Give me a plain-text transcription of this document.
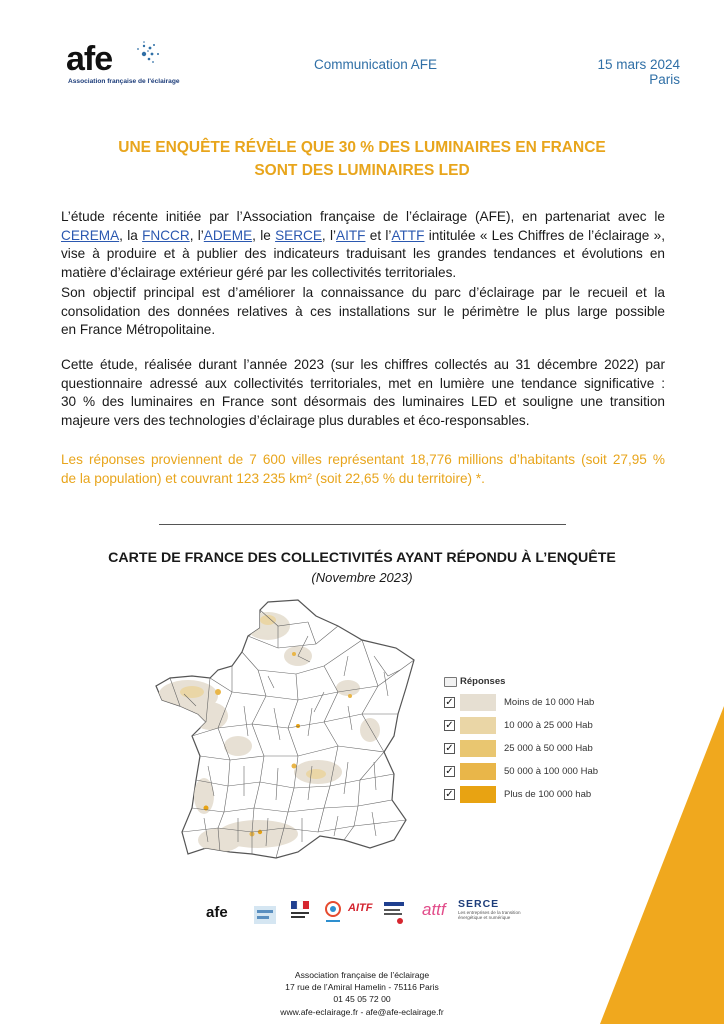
afe
Association française de l'éclairage
Communication AFE	15 mars 2024
Paris
UNE ENQUÊTE RÉVÈLE QUE 30 % DES LUMINAIRES EN FRANCE
SONT DES LUMINAIRES LED
L’étude récente initiée par l’Association française de l’éclairage (AFE), en partenariat avec le
CEREMA, la FNCCR, l’ADEME, le SERCE, l’AITF et l’ATTF intitulée « Les Chiffres de l’éclairage »,
vise à produire et à publier des indicateurs traduisant les grandes tendances et évolutions en
matière d’éclairage extérieur géré par les collectivités territoriales.
Son objectif principal est d’améliorer la connaissance du parc d’éclairage par le recueil et la
consolidation des données relatives à ces installations sur le périmètre le plus large possible
en France Métropolitaine.
Cette étude, réalisée durant l’année 2023 (sur les chiffres collectés au 31 décembre 2022) par
questionnaire adressé aux collectivités territoriales, met en lumière une tendance significative :
30 % des luminaires en France sont désormais des luminaires LED et souligne une transition
majeure vers des technologies d’éclairage plus durables et éco-responsables.
Les réponses proviennent de 7 600 villes représentant 18,776 millions d’habitants (soit 27,95 %
de la population) et couvrant 123 235 km² (soit 22,65 % du territoire) *.
CARTE DE FRANCE DES COLLECTIVITÉS AYANT RÉPONDU À L’ENQUÊTE
(Novembre 2023)
Réponses
✓	Moins de 10 000 Hab
✓	10 000 à 25 000 Hab
✓	25 000 à 50 000 Hab
✓	50 000 à 100 000 Hab
✓	Plus de 100 000 hab
afe	AITF	attf SERCE
Les entreprises de la transition énergétique et numérique
Association française de l’éclairage
17 rue de l’Amiral Hamelin - 75116 Paris
01 45 05 72 00
www.afe-eclairage.fr - afe@afe-eclairage.fr
